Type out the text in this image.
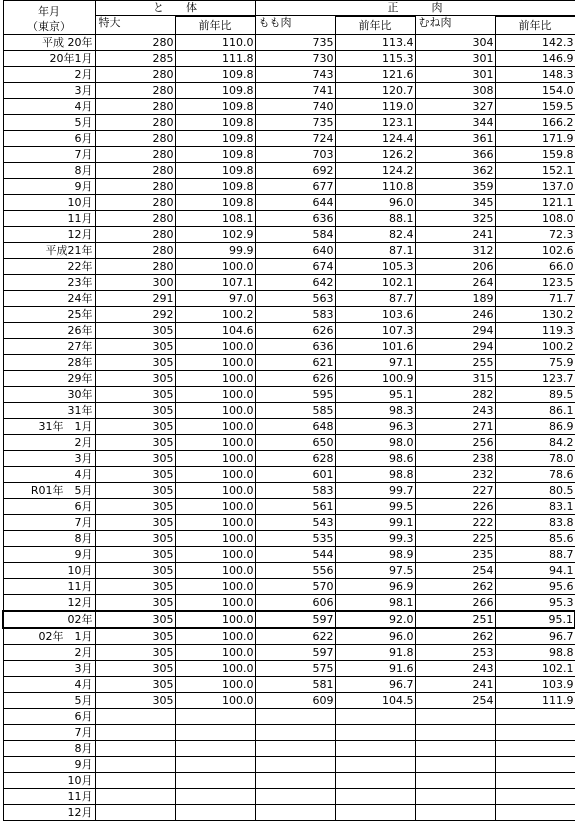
年月
（東京）	と　　体		正　　　肉			
	特大		もも肉		むね肉	
		前年比		前年比		前年比
平成 20年	280	110.0	735	113.4	304	142.3
20年1月	285	111.8	730	115.3	301	146.9
2月	280	109.8	743	121.6	301	148.3
3月	280	109.8	741	120.7	308	154.0
4月	280	109.8	740	119.0	327	159.5
5月	280	109.8	735	123.1	344	166.2
6月	280	109.8	724	124.4	361	171.9
7月	280	109.8	703	126.2	366	159.8
8月	280	109.8	692	124.2	362	152.1
9月	280	109.8	677	110.8	359	137.0
10月	280	109.8	644	96.0	345	121.1
11月	280	108.1	636	88.1	325	108.0
12月	280	102.9	584	82.4	241	72.3
平成21年	280	99.9	640	87.1	312	102.6
22年	280	100.0	674	105.3	206	66.0
23年	300	107.1	642	102.1	264	123.5
24年	291	97.0	563	87.7	189	71.7
25年	292	100.2	583	103.6	246	130.2
26年	305	104.6	626	107.3	294	119.3
27年	305	100.0	636	101.6	294	100.2
28年	305	100.0	621	97.1	255	75.9
29年	305	100.0	626	100.9	315	123.7
30年	305	100.0	595	95.1	282	89.5
31年	305	100.0	585	98.3	243	86.1
31年　1月	305	100.0	648	96.3	271	86.9
2月	305	100.0	650	98.0	256	84.2
3月	305	100.0	628	98.6	238	78.0
4月	305	100.0	601	98.8	232	78.6
R01年　5月	305	100.0	583	99.7	227	80.5
6月	305	100.0	561	99.5	226	83.1
7月	305	100.0	543	99.1	222	83.8
8月	305	100.0	535	99.3	225	85.6
9月	305	100.0	544	98.9	235	88.7
10月	305	100.0	556	97.5	254	94.1
11月	305	100.0	570	96.9	262	95.6
12月	305	100.0	606	98.1	266	95.3
02年	305	100.0	597	92.0	251	95.1
02年　1月	305	100.0	622	96.0	262	96.7
2月	305	100.0	597	91.8	253	98.8
3月	305	100.0	575	91.6	243	102.1
4月	305	100.0	581	96.7	241	103.9
5月	305	100.0	609	104.5	254	111.9
6月						
7月						
8月						
9月						
10月						
11月						
12月						
